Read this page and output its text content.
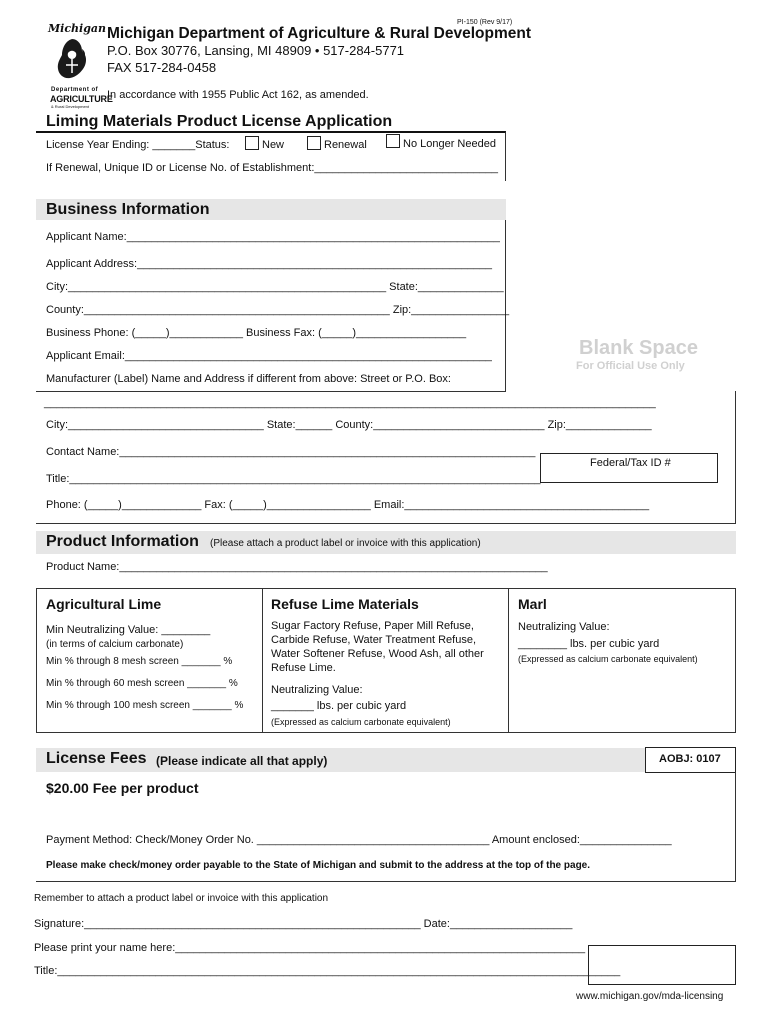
Michigan
Department of
AGRICULTURE
& Rural Development
PI-150 (Rev 9/17)
Michigan Department of Agriculture & Rural Development
P.O. Box 30776, Lansing, MI 48909 • 517-284-5771
FAX 517-284-0458
In accordance with 1955 Public Act 162, as amended.
Liming Materials Product License Application
License Year Ending: _______Status:	New	Renewal	No Longer Needed
If Renewal, Unique ID or License No. of Establishment:______________________________
Business Information
Applicant Name:_____________________________________________________________
Applicant Address:__________________________________________________________
City:____________________________________________________ State:______________
County:__________________________________________________ Zip:________________
Business Phone: (_____)____________ Business Fax: (_____)__________________
Applicant Email:____________________________________________________________	Blank Space
For Official Use Only
Manufacturer (Label) Name and Address if different from above: Street or P.O. Box:
____________________________________________________________________________________________________
City:________________________________ State:______ County:____________________________ Zip:______________
Contact Name:____________________________________________________________________
Federal/Tax ID #
Title:_____________________________________________________________________________
Phone: (_____)_____________ Fax: (_____)_________________ Email:________________________________________
Product Information (Please attach a product label or invoice with this application)
Product Name:______________________________________________________________________
Agricultural Lime
Min Neutralizing Value: ________
(in terms of calcium carbonate)
Min % through 8 mesh screen _______ %
Min % through 60 mesh screen _______ %
Min % through 100 mesh screen _______ %
Refuse Lime Materials
Sugar Factory Refuse, Paper Mill Refuse,
Carbide Refuse, Water Treatment Refuse,
Water Softener Refuse, Wood Ash, all other
Refuse Lime.
Neutralizing Value:
_______ lbs. per cubic yard
(Expressed as calcium carbonate equivalent)
Marl
Neutralizing Value:
________ lbs. per cubic yard
(Expressed as calcium carbonate equivalent)
License Fees (Please indicate all that apply)	AOBJ: 0107
$20.00 Fee per product
Payment Method: Check/Money Order No. ______________________________________ Amount enclosed:_______________
Please make check/money order payable to the State of Michigan and submit to the address at the top of the page.
Remember to attach a product label or invoice with this application
Signature:_______________________________________________________ Date:____________________
Please print your name here:___________________________________________________________________
Title:____________________________________________________________________________________________
www.michigan.gov/mda-licensing
